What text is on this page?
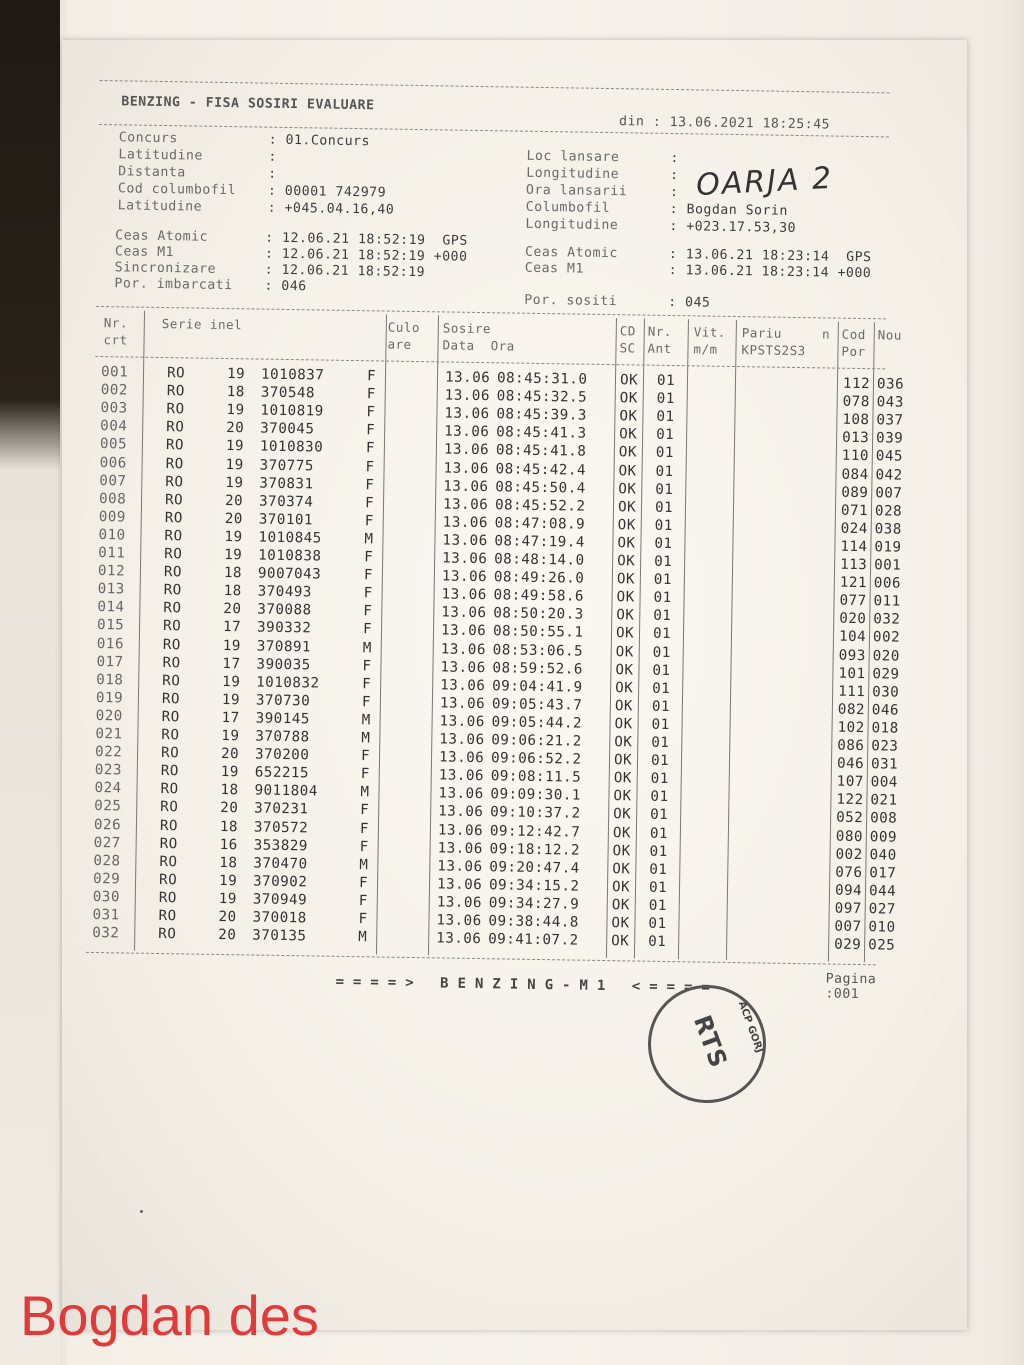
BENZING - FISA SOSIRI EVALUARE
din : 13.06.2021 18:25:45
Concurs	: 01.Concurs
Latitudine	:
Distanta	:
Cod columbofil : 00001 742979
Latitudine	: +045.04.16,40
Loc lansare	:
Longitudine	:
Ora lansarii	:
Columbofil	: Bogdan Sorin
Longitudine	: +023.17.53,30
OARJA 2
Ceas Atomic	: 12.06.21 18:52:19  GPS
Ceas M1	: 12.06.21 18:52:19 +000
Sincronizare	: 12.06.21 18:52:19
Por. imbarcati : 046
Ceas Atomic	: 13.06.21 18:23:14  GPS
Ceas M1	: 13.06.21 18:23:14 +000
Por. sositi	: 045
Nr.
crt
Serie inel	Culo
are
Sosire
Data  Ora
CD
SC
Nr.
Ant
Vit.
m/m
Pariu     n
KPSTS2S3
Cod
Por
Nou
001	RO	19 1010837	F	13.06 08:45:31.0 OK 01	112 036
002	RO	18 370548	F	13.06 08:45:32.5 OK 01	078 043
003	RO	19 1010819	F	13.06 08:45:39.3 OK 01	108 037
004	RO	20 370045	F	13.06 08:45:41.3 OK 01	013 039
005	RO	19 1010830	F	13.06 08:45:41.8 OK 01	110 045
006	RO	19 370775	F	13.06 08:45:42.4 OK 01	084 042
007	RO	19 370831	F	13.06 08:45:50.4 OK 01	089 007
008	RO	20 370374	F	13.06 08:45:52.2 OK 01	071 028
009	RO	20 370101	F	13.06 08:47:08.9 OK 01	024 038
010	RO	19 1010845	M	13.06 08:47:19.4 OK 01	114 019
011	RO	19 1010838	F	13.06 08:48:14.0 OK 01	113 001
012	RO	18 9007043	F	13.06 08:49:26.0 OK 01	121 006
013	RO	18 370493	F	13.06 08:49:58.6 OK 01	077 011
014	RO	20 370088	F	13.06 08:50:20.3 OK 01	020 032
015	RO	17 390332	F	13.06 08:50:55.1 OK 01	104 002
016	RO	19 370891	M	13.06 08:53:06.5 OK 01	093 020
017	RO	17 390035	F	13.06 08:59:52.6 OK 01	101 029
018	RO	19 1010832	F	13.06 09:04:41.9 OK 01	111 030
019	RO	19 370730	F	13.06 09:05:43.7 OK 01	082 046
020	RO	17 390145	M	13.06 09:05:44.2 OK 01	102 018
021	RO	19 370788	M	13.06 09:06:21.2 OK 01	086 023
022	RO	20 370200	F	13.06 09:06:52.2 OK 01	046 031
023	RO	19 652215	F	13.06 09:08:11.5 OK 01	107 004
024	RO	18 9011804	M	13.06 09:09:30.1 OK 01	122 021
025	RO	20 370231	F	13.06 09:10:37.2 OK 01	052 008
026	RO	18 370572	F	13.06 09:12:42.7 OK 01	080 009
027	RO	16 353829	F	13.06 09:18:12.2 OK 01	002 040
028	RO	18 370470	M	13.06 09:20:47.4 OK 01	076 017
029	RO	19 370902	F	13.06 09:34:15.2 OK 01	094 044
030	RO	19 370949	F	13.06 09:34:27.9 OK 01	097 027
031	RO	20 370018	F	13.06 09:38:44.8 OK 01	007 010
032	RO	20 370135	M	13.06 09:41:07.2 OK 01	029 025
====> BENZING-M1 <====	Pagina :001
ACP GORJ
RTS
Bogdan des
